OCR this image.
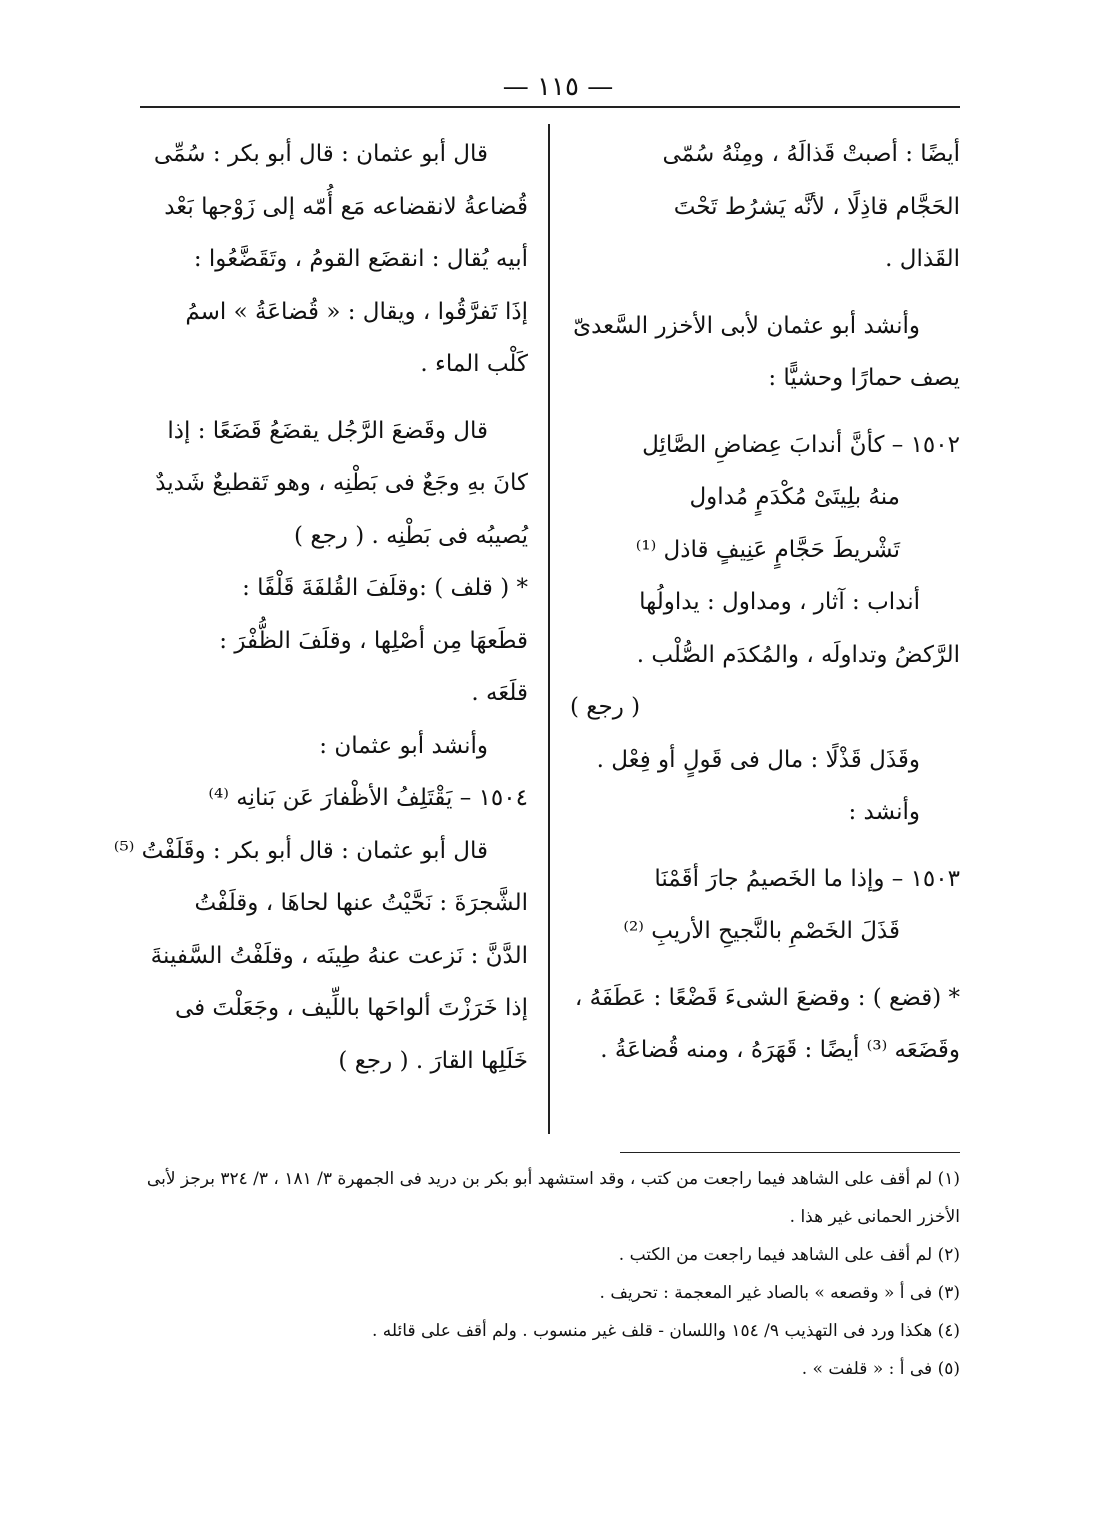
— ١١٥ —
أيضًا : أصبتْ قَذالَهُ ، ومِنْهُ سُمّى
الحَجَّام قاذِلًا ، لأنَّه يَشرُط تَحْتَ
القَذال .
وأنشد أبو عثمان لأبى الأخزر السَّعدىّ
يصف حمارًا وحشيًّا :
١٥٠٢ – كأنَّ أندابَ عِضاضِ الصَّائِل
منهُ بلِيتَىْ مُكْدَمٍ مُداول
تَشْريطَ حَجَّامٍ عَنِيفٍ قاذل ⁽¹⁾
أنداب : آثار ، ومداول : يداولُها
الرَّكضُ وتداولَه ، والمُكدَم الصُّلْب .
( رجع )
وقَذَل قَذْلًا : مال فى قَولٍ أو فِعْل .
وأنشد :
١٥٠٣ – وإذا ما الخَصيمُ جارَ أقَمْنَا
قَذَلَ الخَصْمِ بالنَّجيحِ الأريبِ ⁽²⁾
* (قضع ) : وقضعَ الشىءَ قَضْعًا : عَطَفَهُ ،
وقَضَعَه ⁽³⁾ أيضًا : قَهَرَهُ ، ومنه قُضاعَةُ .
قال أبو عثمان : قال أبو بكر : سُمِّى
قُضاعةُ لانقضاعه مَع أُمّه إلى زَوْجها بَعْد
أبيه يُقال : انقضَع القومُ ، وتَقَضَّعُوا :
إذَا تَفرَّقُوا ، ويقال : « قُضاعَةُ » اسمُ
كَلْب الماء .
قال وقَضعَ الرَّجُل يقضَعُ قَضَعًا : إذا
كانَ بهِ وجَعٌ فى بَطْنِه ، وهو تَقطيعٌ شَديدٌ
يُصيبُه فى بَطْنِه . ( رجع )
* ( قلف ) :وقلَفَ القُلفَةَ قَلْفًا :
قطَعهَا مِن أصْلِها ، وقلَفَ الظُّفْرَ :
قلَعَه .
وأنشد أبو عثمان :
١٥٠٤ – يَقْتَلِفُ الأظْفارَ عَن بَنانِه ⁽⁴⁾
قال أبو عثمان : قال أبو بكر : وقَلَفْتُ ⁽⁵⁾
الشَّجرَةَ : نَحَّيْتُ عنها لحاهَا ، وقلَفْتُ
الدَّنَّ : نَزعت عنهُ طِينَه ، وقلَفْتُ السَّفينةَ
إذا خَرَزْتَ ألواحَها باللِّيف ، وجَعَلْتَ فى
خَلَلِها القارَ . ( رجع )
(١) لم أقف على الشاهد فيما راجعت من كتب ، وقد استشهد أبو بكر بن دريد فى الجمهرة ٣/ ١٨١ ، ٣/ ٣٢٤ برجز لأبى
الأخزر الحمانى غير هذا .
(٢) لم أقف على الشاهد فيما راجعت من الكتب .
(٣) فى أ « وقصعه » بالصاد غير المعجمة : تحريف .
(٤) هكذا ورد فى التهذيب ٩/ ١٥٤ واللسان - قلف غير منسوب . ولم أقف على قائله .
(٥) فى أ : « قلفت » .
